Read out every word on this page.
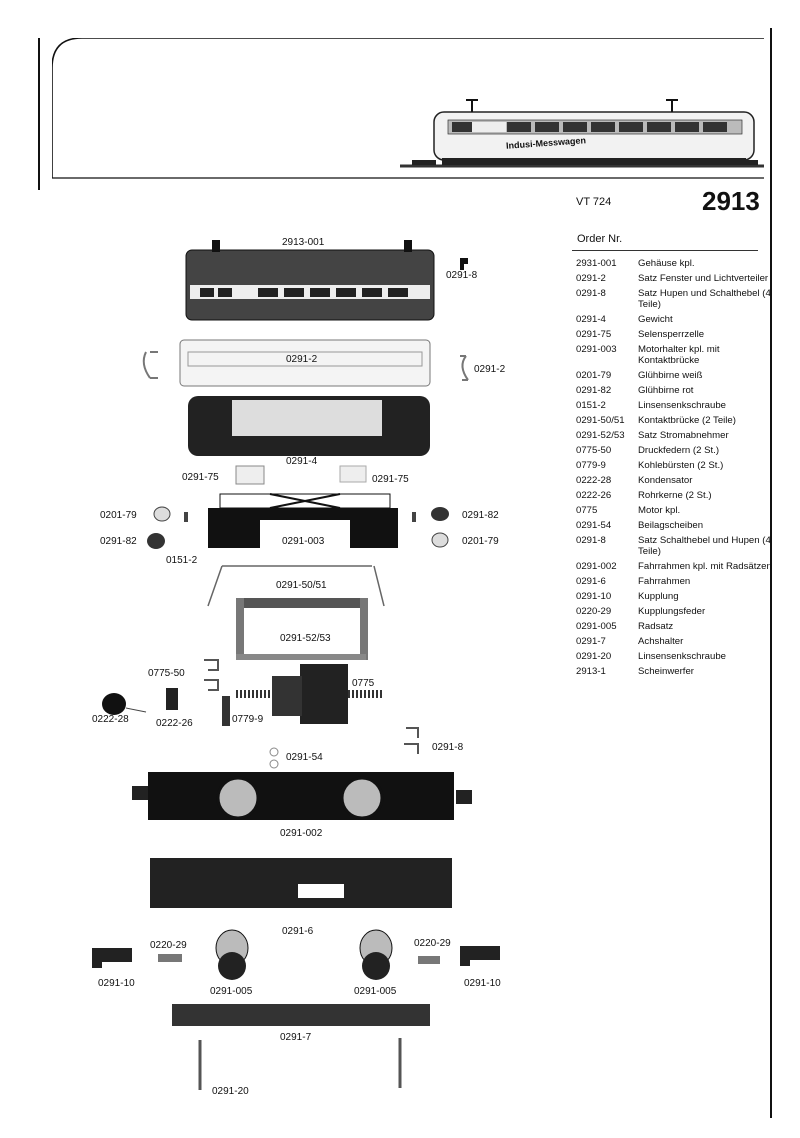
Indusi-Messwagen
VT 724	2913
Order Nr.
2931-001	Gehäuse kpl.
0291-2	Satz Fenster und Lichtverteiler
0291-8	Satz Hupen und Schalthebel (4 Teile)
0291-4	Gewicht
0291-75	Selensperrzelle
0291-003	Motorhalter kpl. mit Kontaktbrücke
0201-79	Glühbirne weiß
0291-82	Glühbirne rot
0151-2	Linsensenkschraube
0291-50/51	Kontaktbrücke (2 Teile)
0291-52/53	Satz Stromabnehmer
0775-50	Druckfedern (2 St.)
0779-9	Kohlebürsten (2 St.)
0222-28	Kondensator
0222-26	Rohrkerne (2 St.)
0775	Motor kpl.
0291-54	Beilagscheiben
0291-8	Satz Schalthebel und Hupen (4 Teile)
0291-002	Fahrrahmen kpl. mit Radsätzen
0291-6	Fahrrahmen
0291-10	Kupplung
0220-29	Kupplungsfeder
0291-005	Radsatz
0291-7	Achshalter
0291-20	Linsensenkschraube
2913-1	Scheinwerfer
2913-001
0291-8
0291-2
0291-2
0291-4
0291-75	0291-75
0201-79
0291-82
0291-82
0201-79
0291-003
0151-2
0291-50/51
0291-52/53
0775-50
0775
0222-28	0222-26	0779-9
0291-54
0291-8
0291-002
0291-6
0220-29	0220-29
0291-10	0291-10
0291-005	0291-005
0291-7
0291-20
